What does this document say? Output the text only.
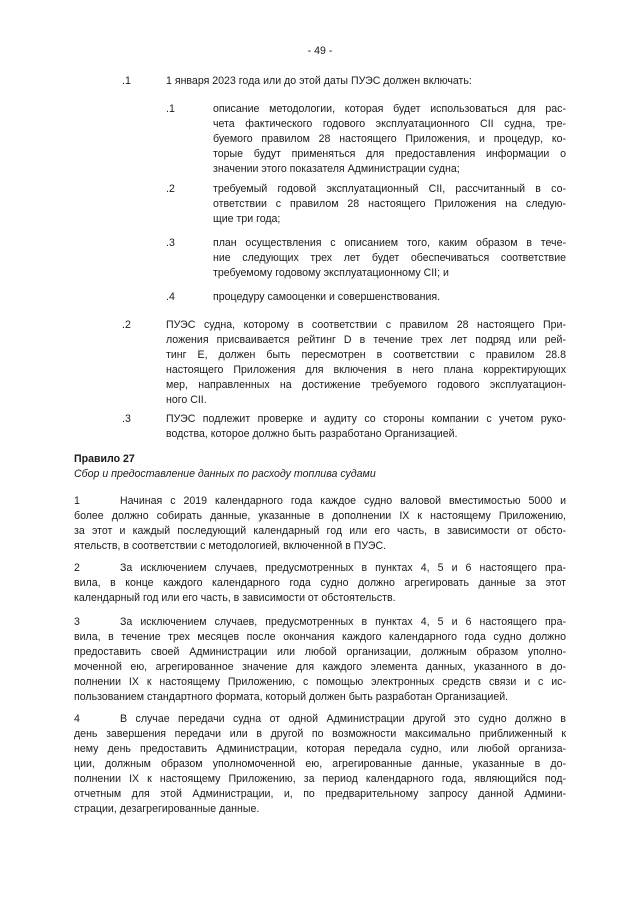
- 49 -
.1	1 января 2023 года или до этой даты ПУЭС должен включать:
.1	описание методологии, которая будет использоваться для рас-
чета фактического годового эксплуатационного CII судна, тре-
буемого правилом 28 настоящего Приложения, и процедур, ко-
торые будут применяться для предоставления информации о
значении этого показателя Администрации судна;
.2	требуемый годовой эксплуатационный CII, рассчитанный в со-
ответствии с правилом 28 настоящего Приложения на следую-
щие три года;
.3	план осуществления с описанием того, каким образом в тече-
ние следующих трех лет будет обеспечиваться соответствие
требуемому годовому эксплуатационному CII; и
.4	процедуру самооценки и совершенствования.
.2	ПУЭС судна, которому в соответствии с правилом 28 настоящего При-
ложения присваивается рейтинг D в течение трех лет подряд или рей-
тинг E, должен быть пересмотрен в соответствии с правилом 28.8
настоящего Приложения для включения в него плана корректирующих
мер, направленных на достижение требуемого годового эксплуатацион-
ного CII.
.3	ПУЭС подлежит проверке и аудиту со стороны компании с учетом руко-
водства, которое должно быть разработано Организацией.
Правило 27
Сбор и предоставление данных по расходу топлива судами
1	Начиная с 2019 календарного года каждое судно валовой вместимостью 5000 и
более должно собирать данные, указанные в дополнении IX к настоящему Приложению,
за этот и каждый последующий календарный год или его часть, в зависимости от обсто-
ятельств, в соответствии с методологией, включенной в ПУЭС.
2	За исключением случаев, предусмотренных в пунктах 4, 5 и 6 настоящего пра-
вила, в конце каждого календарного года судно должно агрегировать данные за этот
календарный год или его часть, в зависимости от обстоятельств.
3	За исключением случаев, предусмотренных в пунктах 4, 5 и 6 настоящего пра-
вила, в течение трех месяцев после окончания каждого календарного года судно должно
предоставить своей Администрации или любой организации, должным образом уполно-
моченной ею, агрегированное значение для каждого элемента данных, указанного в до-
полнении IX к настоящему Приложению, с помощью электронных средств связи и с ис-
пользованием стандартного формата, который должен быть разработан Организацией.
4	В случае передачи судна от одной Администрации другой это судно должно в
день завершения передачи или в другой по возможности максимально приближенный к
нему день предоставить Администрации, которая передала судно, или любой организа-
ции, должным образом уполномоченной ею, агрегированные данные, указанные в до-
полнении IX к настоящему Приложению, за период календарного года, являющийся под-
отчетным для этой Администрации, и, по предварительному запросу данной Админи-
страции, дезагрегированные данные.
